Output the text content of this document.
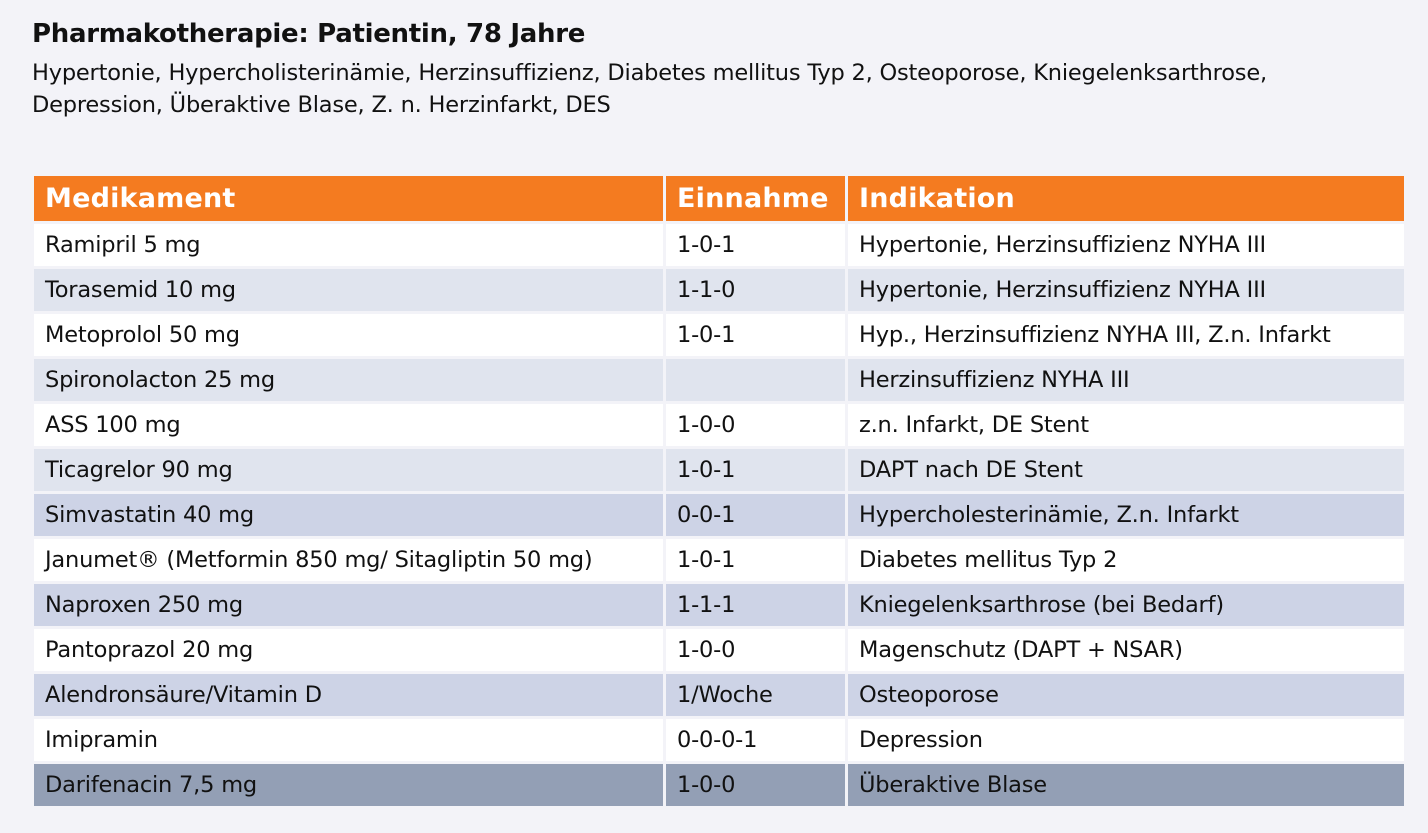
Pharmakotherapie: Patientin, 78 Jahre
Hypertonie, Hypercholisterinämie, Herzinsuffizienz, Diabetes mellitus Typ 2, Osteoporose, Kniegelenksarthrose, Depression, Überaktive Blase, Z. n. Herzinfarkt, DES
Medikament	Einnahme	Indikation
Ramipril 5 mg	1-0-1	Hypertonie, Herzinsuffizienz NYHA III
Torasemid 10 mg	1-1-0	Hypertonie, Herzinsuffizienz NYHA III
Metoprolol 50 mg	1-0-1	Hyp., Herzinsuffizienz NYHA III, Z.n. Infarkt
Spironolacton 25 mg		Herzinsuffizienz NYHA III
ASS 100 mg	1-0-0	z.n. Infarkt, DE Stent
Ticagrelor 90 mg	1-0-1	DAPT nach DE Stent
Simvastatin 40 mg	0-0-1	Hypercholesterinämie, Z.n. Infarkt
Janumet® (Metformin 850 mg/ Sitagliptin 50 mg)	1-0-1	Diabetes mellitus Typ 2
Naproxen 250 mg	1-1-1	Kniegelenksarthrose (bei Bedarf)
Pantoprazol 20 mg	1-0-0	Magenschutz (DAPT + NSAR)
Alendronsäure/Vitamin D	1/Woche	Osteoporose
Imipramin	0-0-0-1	Depression
Darifenacin 7,5 mg	1-0-0	Überaktive Blase
